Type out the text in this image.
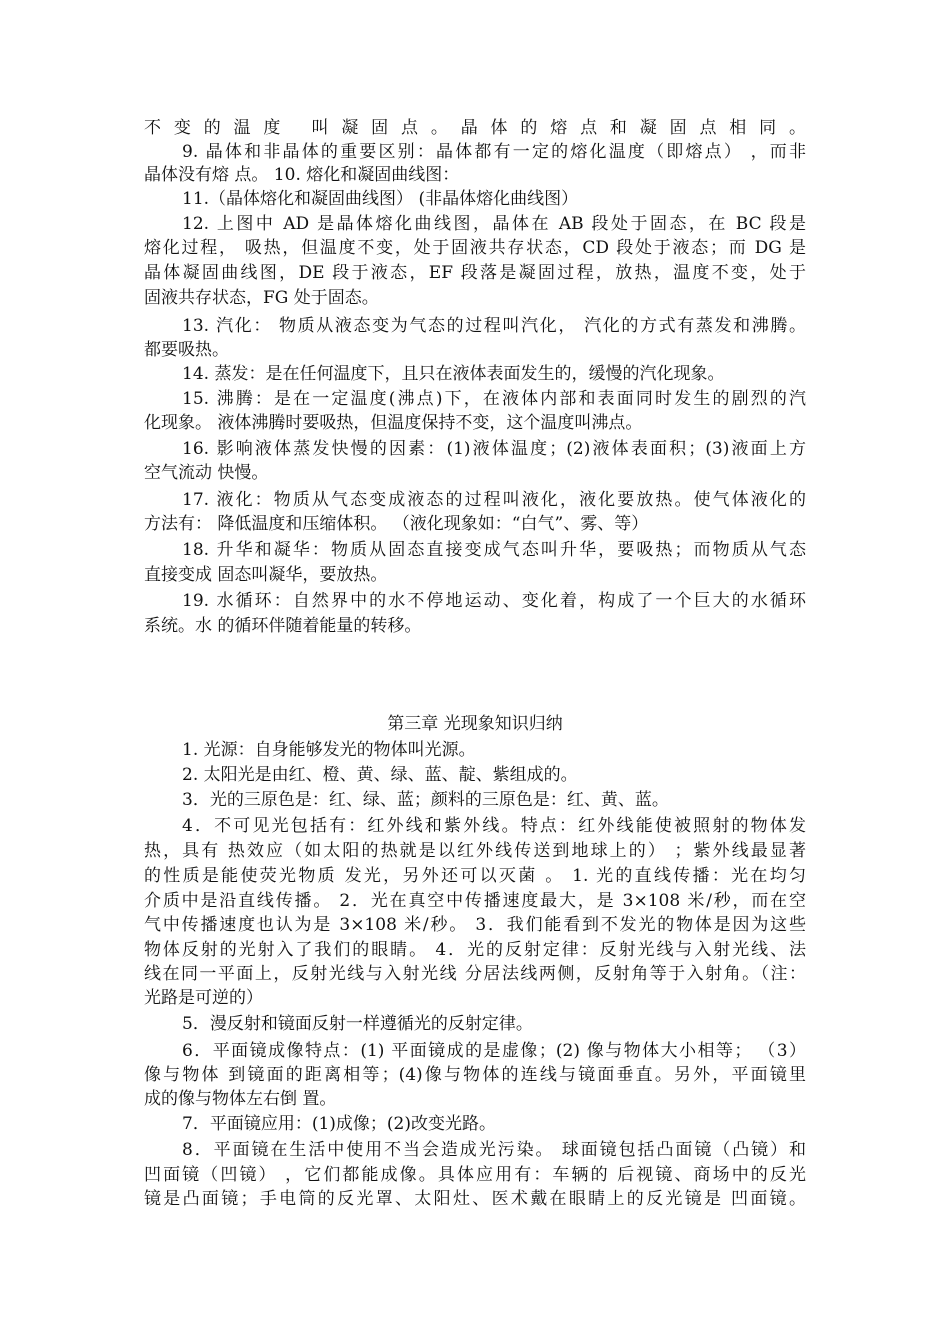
不变的温度 叫凝固点。晶体的熔点和凝固点相同。
9. 晶体和非晶体的重要区别：晶体都有一定的熔化温度（即熔点） ，而非
晶体没有熔 点。 10. 熔化和凝固曲线图：
11.（晶体熔化和凝固曲线图） (非晶体熔化曲线图）
12. 上图中 AD 是晶体熔化曲线图，晶体在 AB 段处于固态，在 BC 段是
熔化过程， 吸热，但温度不变，处于固液共存状态，CD 段处于液态；而 DG 是
晶体凝固曲线图，DE 段于液态，EF 段落是凝固过程，放热，温度不变，处于
固液共存状态，FG 处于固态。
13. 汽化： 物质从液态变为气态的过程叫汽化， 汽化的方式有蒸发和沸腾。
都要吸热。
14. 蒸发：是在任何温度下，且只在液体表面发生的，缓慢的汽化现象。
15. 沸腾：是在一定温度(沸点)下，在液体内部和表面同时发生的剧烈的汽
化现象。 液体沸腾时要吸热，但温度保持不变，这个温度叫沸点。
16. 影响液体蒸发快慢的因素：(1)液体温度；(2)液体表面积；(3)液面上方
空气流动 快慢。
17. 液化：物质从气态变成液态的过程叫液化，液化要放热。使气体液化的
方法有： 降低温度和压缩体积。 （液化现象如：“白气”、雾、等）
18. 升华和凝华：物质从固态直接变成气态叫升华，要吸热；而物质从气态
直接变成 固态叫凝华，要放热。
19. 水循环：自然界中的水不停地运动、变化着，构成了一个巨大的水循环
系统。水 的循环伴随着能量的转移。
第三章 光现象知识归纳
1. 光源：自身能够发光的物体叫光源。
2. 太阳光是由红、橙、黄、绿、蓝、靛、紫组成的。
3．光的三原色是：红、绿、蓝；颜料的三原色是：红、黄、蓝。
4．不可见光包括有：红外线和紫外线。特点：红外线能使被照射的物体发
热，具有 热效应（如太阳的热就是以红外线传送到地球上的） ；紫外线最显著
的性质是能使荧光物质 发光，另外还可以灭菌 。 1. 光的直线传播：光在均匀
介质中是沿直线传播。 2．光在真空中传播速度最大，是 3×108 米/秒，而在空
气中传播速度也认为是 3×108 米/秒。 3．我们能看到不发光的物体是因为这些
物体反射的光射入了我们的眼睛。 4．光的反射定律：反射光线与入射光线、法
线在同一平面上，反射光线与入射光线 分居法线两侧，反射角等于入射角。（注：
光路是可逆的）
5．漫反射和镜面反射一样遵循光的反射定律。
6．平面镜成像特点：(1) 平面镜成的是虚像；(2) 像与物体大小相等； （3）
像与物体 到镜面的距离相等；(4)像与物体的连线与镜面垂直。另外，平面镜里
成的像与物体左右倒 置。
7．平面镜应用：(1)成像；(2)改变光路。
8．平面镜在生活中使用不当会造成光污染。 球面镜包括凸面镜（凸镜）和
凹面镜（凹镜） ，它们都能成像。具体应用有：车辆的 后视镜、商场中的反光
镜是凸面镜；手电筒的反光罩、太阳灶、医术戴在眼睛上的反光镜是 凹面镜。
